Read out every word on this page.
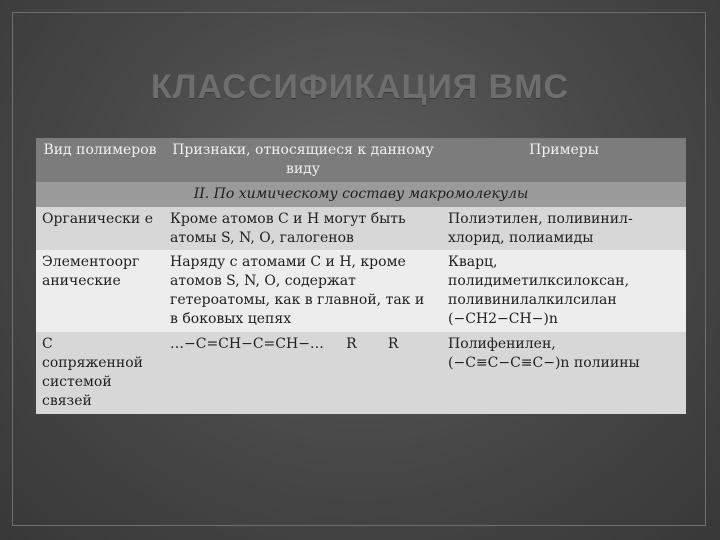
КЛАССИФИКАЦИЯ ВМС
Вид полимеров	Признаки, относящиеся к данному виду	Примеры
II. По химическому составу макромолекулы		
Органически е	Кроме атомов С и Н могут быть атомы S, N, О, галогенов	Полиэтилен, поливинил-хлорид, полиамиды
Элементоорг анические	Наряду с атомами С и Н, кроме атомов S, N, О, содержат гетероатомы, как в главной, так и в боковых цепях	Кварц, полидиметилксилоксан, поливинилалкилсилан (−СН2−СН−)n
С сопряженной системой связей	…−С=СН−С=СН−…     R       R	Полифенилен, (−С≡С−С≡С−)n полиины
